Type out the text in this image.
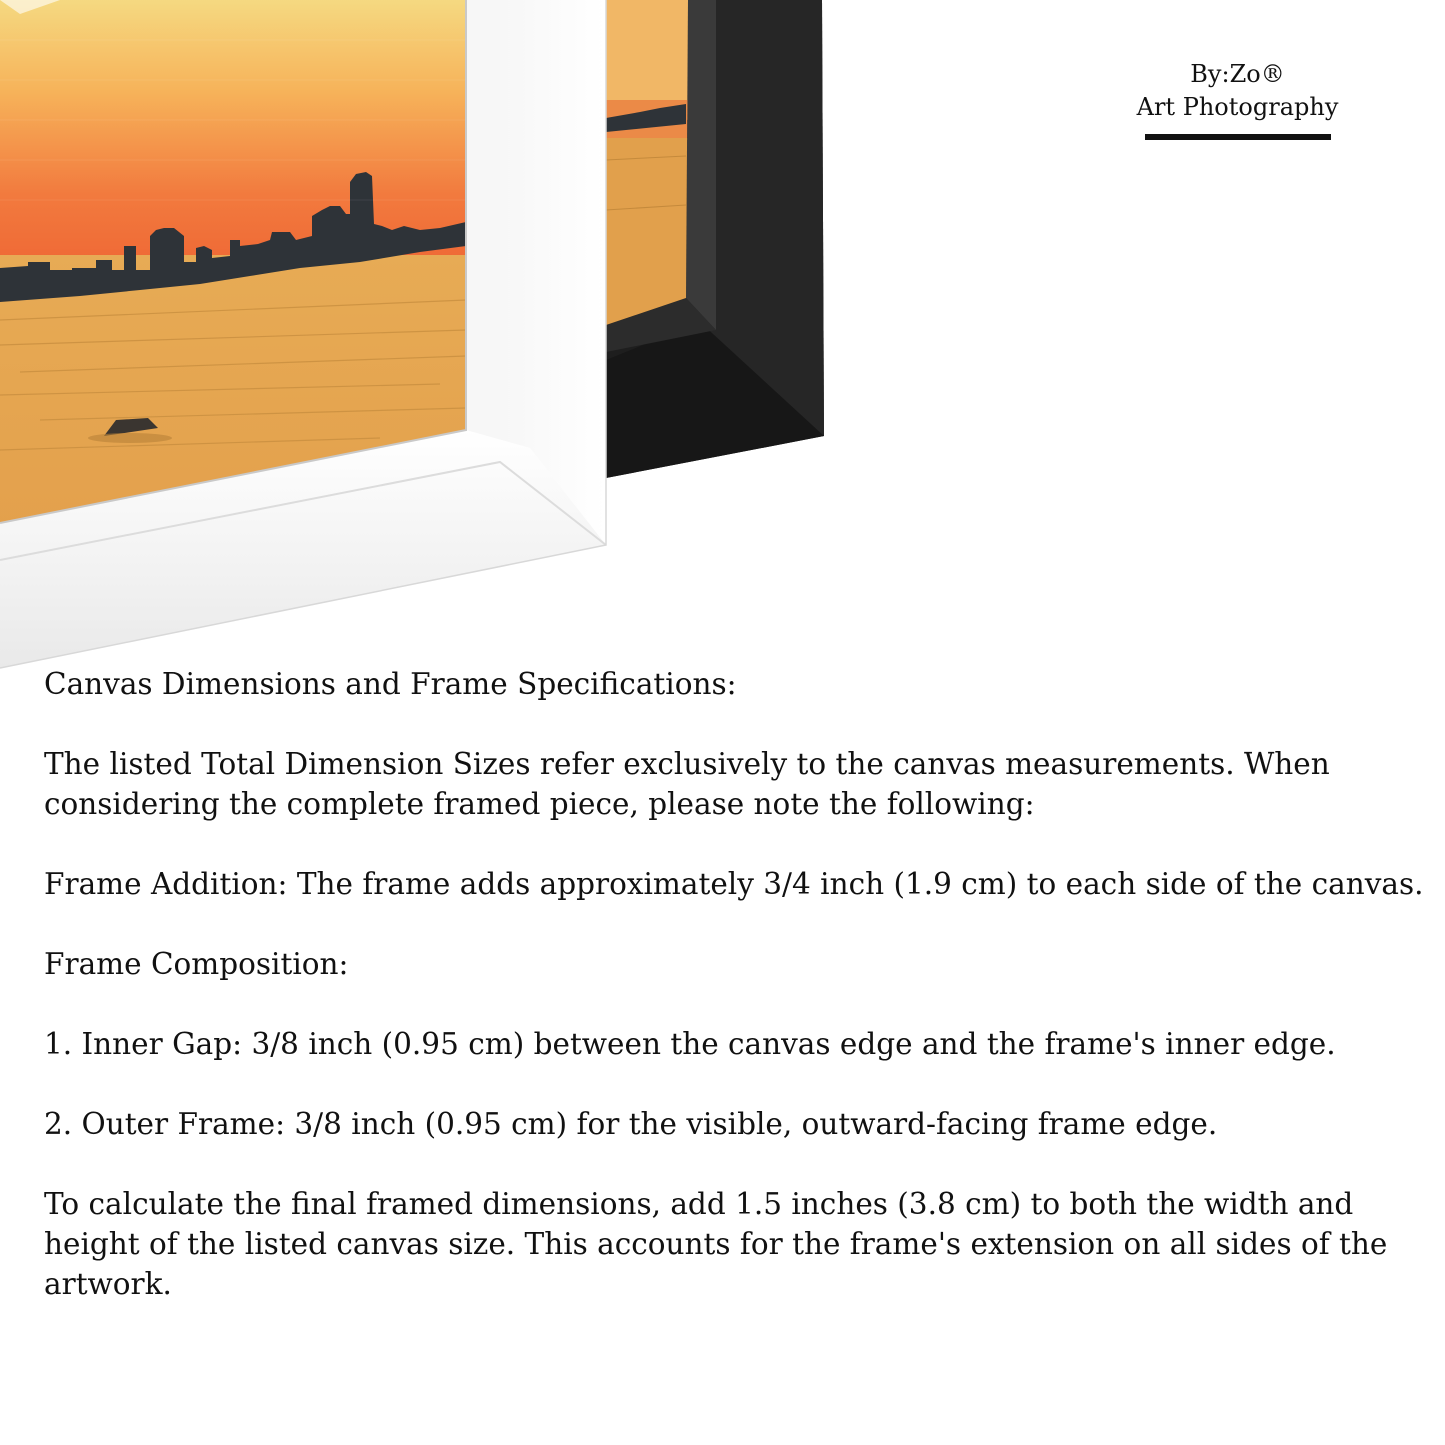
By:Zo®
Art Photography

Canvas Dimensions and Frame Specifications:

The listed Total Dimension Sizes refer exclusively to the canvas measurements. When considering the complete framed piece, please note the following:

Frame Addition: The frame adds approximately 3/4 inch (1.9 cm) to each side of the canvas.

Frame Composition:

1. Inner Gap: 3/8 inch (0.95 cm) between the canvas edge and the frame's inner edge.

2. Outer Frame: 3/8 inch (0.95 cm) for the visible, outward-facing frame edge.

To calculate the final framed dimensions, add 1.5 inches (3.8 cm) to both the width and height of the listed canvas size. This accounts for the frame's extension on all sides of the artwork.
